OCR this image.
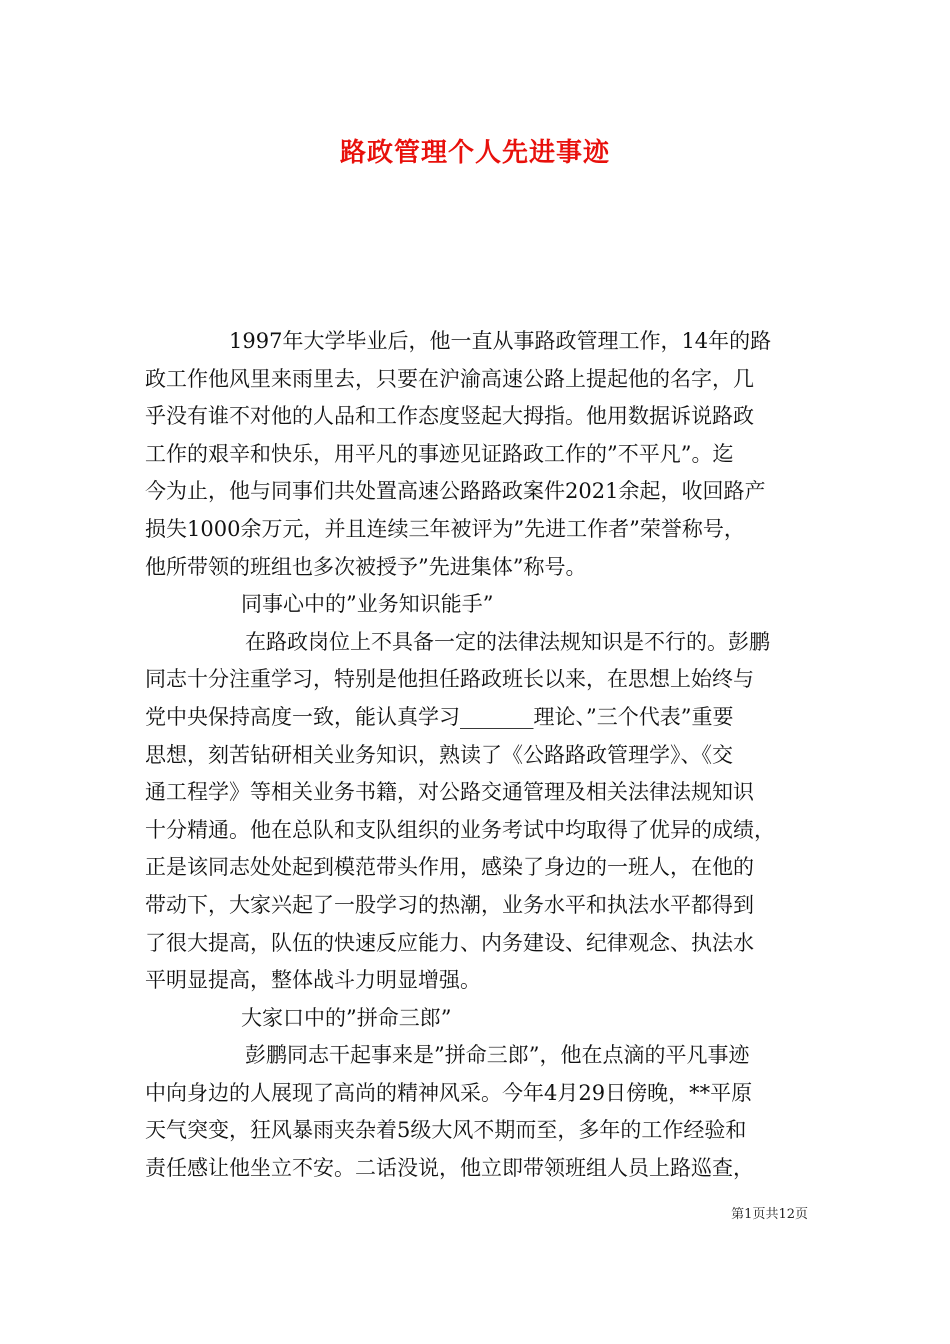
路政管理个人先进事迹
1997年大学毕业后，他一直从事路政管理工作，14年的路
政工作他风里来雨里去，只要在沪渝高速公路上提起他的名字，几
乎没有谁不对他的人品和工作态度竖起大拇指。他用数据诉说路政
工作的艰辛和快乐，用平凡的事迹见证路政工作的”不平凡”。迄
今为止，他与同事们共处置高速公路路政案件2021余起，收回路产
损失1000余万元，并且连续三年被评为”先进工作者”荣誉称号，
他所带领的班组也多次被授予”先进集体”称号。
同事心中的”业务知识能手”
在路政岗位上不具备一定的法律法规知识是不行的。彭鹏
同志十分注重学习，特别是他担任路政班长以来，在思想上始终与
党中央保持高度一致，能认真学习_______理论、”三个代表”重要
思想，刻苦钻研相关业务知识，熟读了《公路路政管理学》、《交
通工程学》等相关业务书籍，对公路交通管理及相关法律法规知识
十分精通。他在总队和支队组织的业务考试中均取得了优异的成绩，
正是该同志处处起到模范带头作用，感染了身边的一班人，在他的
带动下，大家兴起了一股学习的热潮，业务水平和执法水平都得到
了很大提高，队伍的快速反应能力、内务建设、纪律观念、执法水
平明显提高，整体战斗力明显增强。
大家口中的”拼命三郎”
彭鹏同志干起事来是”拼命三郎”，他在点滴的平凡事迹
中向身边的人展现了高尚的精神风采。今年4月29日傍晚，**平原
天气突变，狂风暴雨夹杂着5级大风不期而至，多年的工作经验和
责任感让他坐立不安。二话没说，他立即带领班组人员上路巡查，
第1页共12页
